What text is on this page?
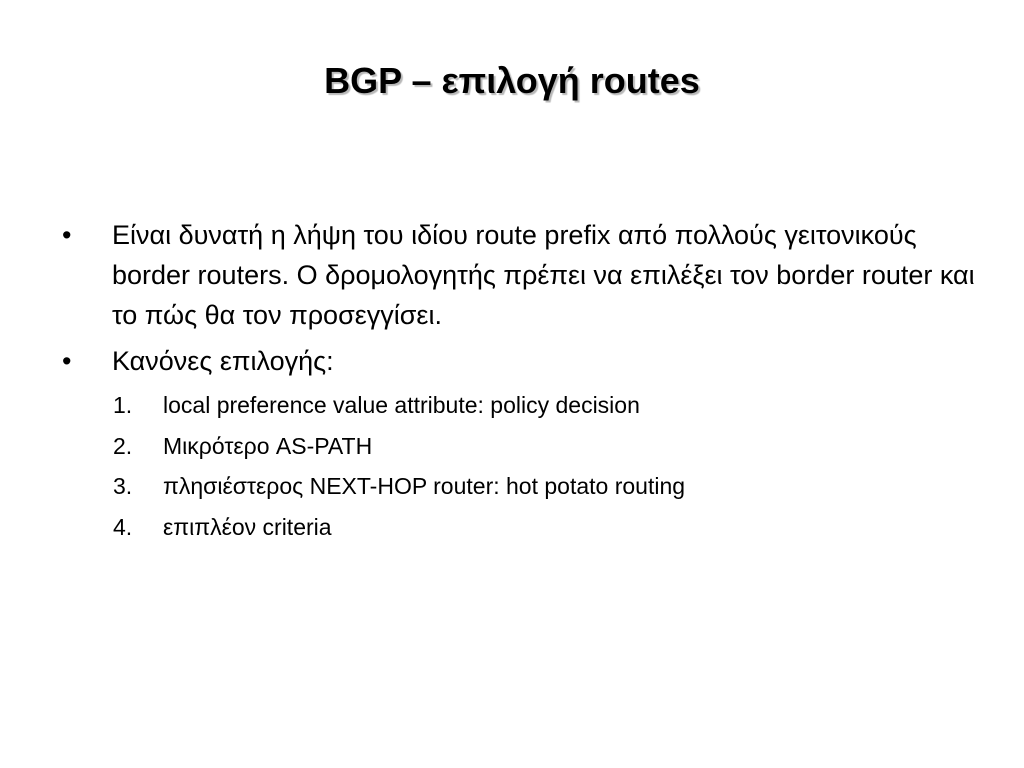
BGP – επιλογή routes
•	Είναι δυνατή η λήψη του ιδίου route prefix από πολλούς γειτονικούς border routers. Ο δρομολογητής πρέπει να επιλέξει τον border router και το πώς θα τον προσεγγίσει.
•	Κανόνες επιλογής:
1.	local preference value attribute: policy decision
2.	Μικρότερο AS-PATH
3.	πλησιέστερος NEXT-HOP router: hot potato routing
4.	επιπλέον criteria
